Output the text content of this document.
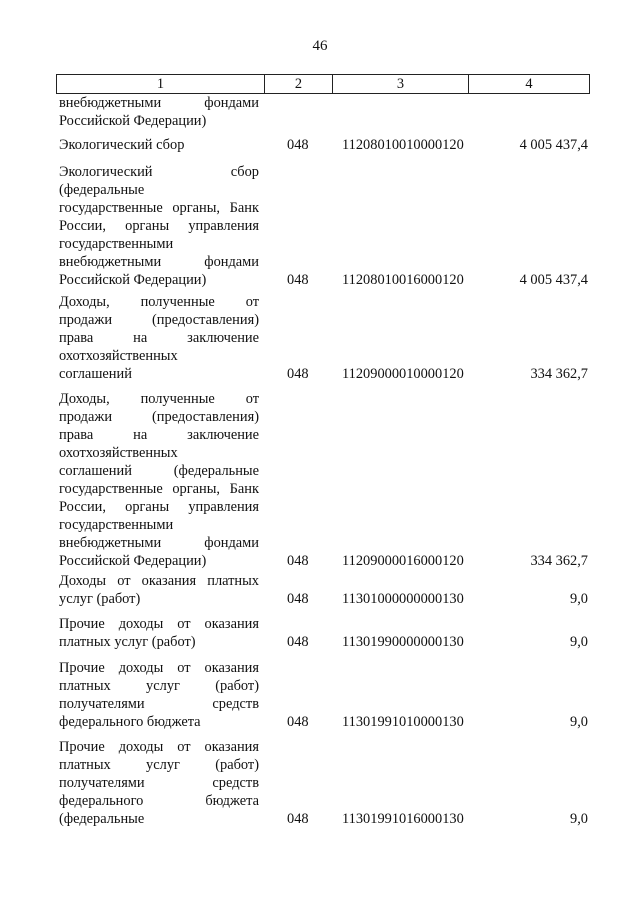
46
1	2	3	4
внебюджетными фондами
Российской Федерации)
Экологический сбор	048 11208010010000120	4 005 437,4
Экологический сбор
(федеральные
государственные органы, Банк
России, органы управления
государственными
внебюджетными фондами
Российской Федерации)	048 11208010016000120	4 005 437,4
Доходы, полученные от
продажи (предоставления)
права на заключение
охотхозяйственных
соглашений	048 11209000010000120	334 362,7
Доходы, полученные от
продажи (предоставления)
права на заключение
охотхозяйственных
соглашений (федеральные
государственные органы, Банк
России, органы управления
государственными
внебюджетными фондами
Российской Федерации)	048 11209000016000120	334 362,7
Доходы от оказания платных
услуг (работ)	048 11301000000000130	9,0
Прочие доходы от оказания
платных услуг (работ)	048 11301990000000130	9,0
Прочие доходы от оказания
платных услуг (работ)
получателями средств
федерального бюджета	048 11301991010000130	9,0
Прочие доходы от оказания
платных услуг (работ)
получателями средств
федерального бюджета
(федеральные	048 11301991016000130	9,0
